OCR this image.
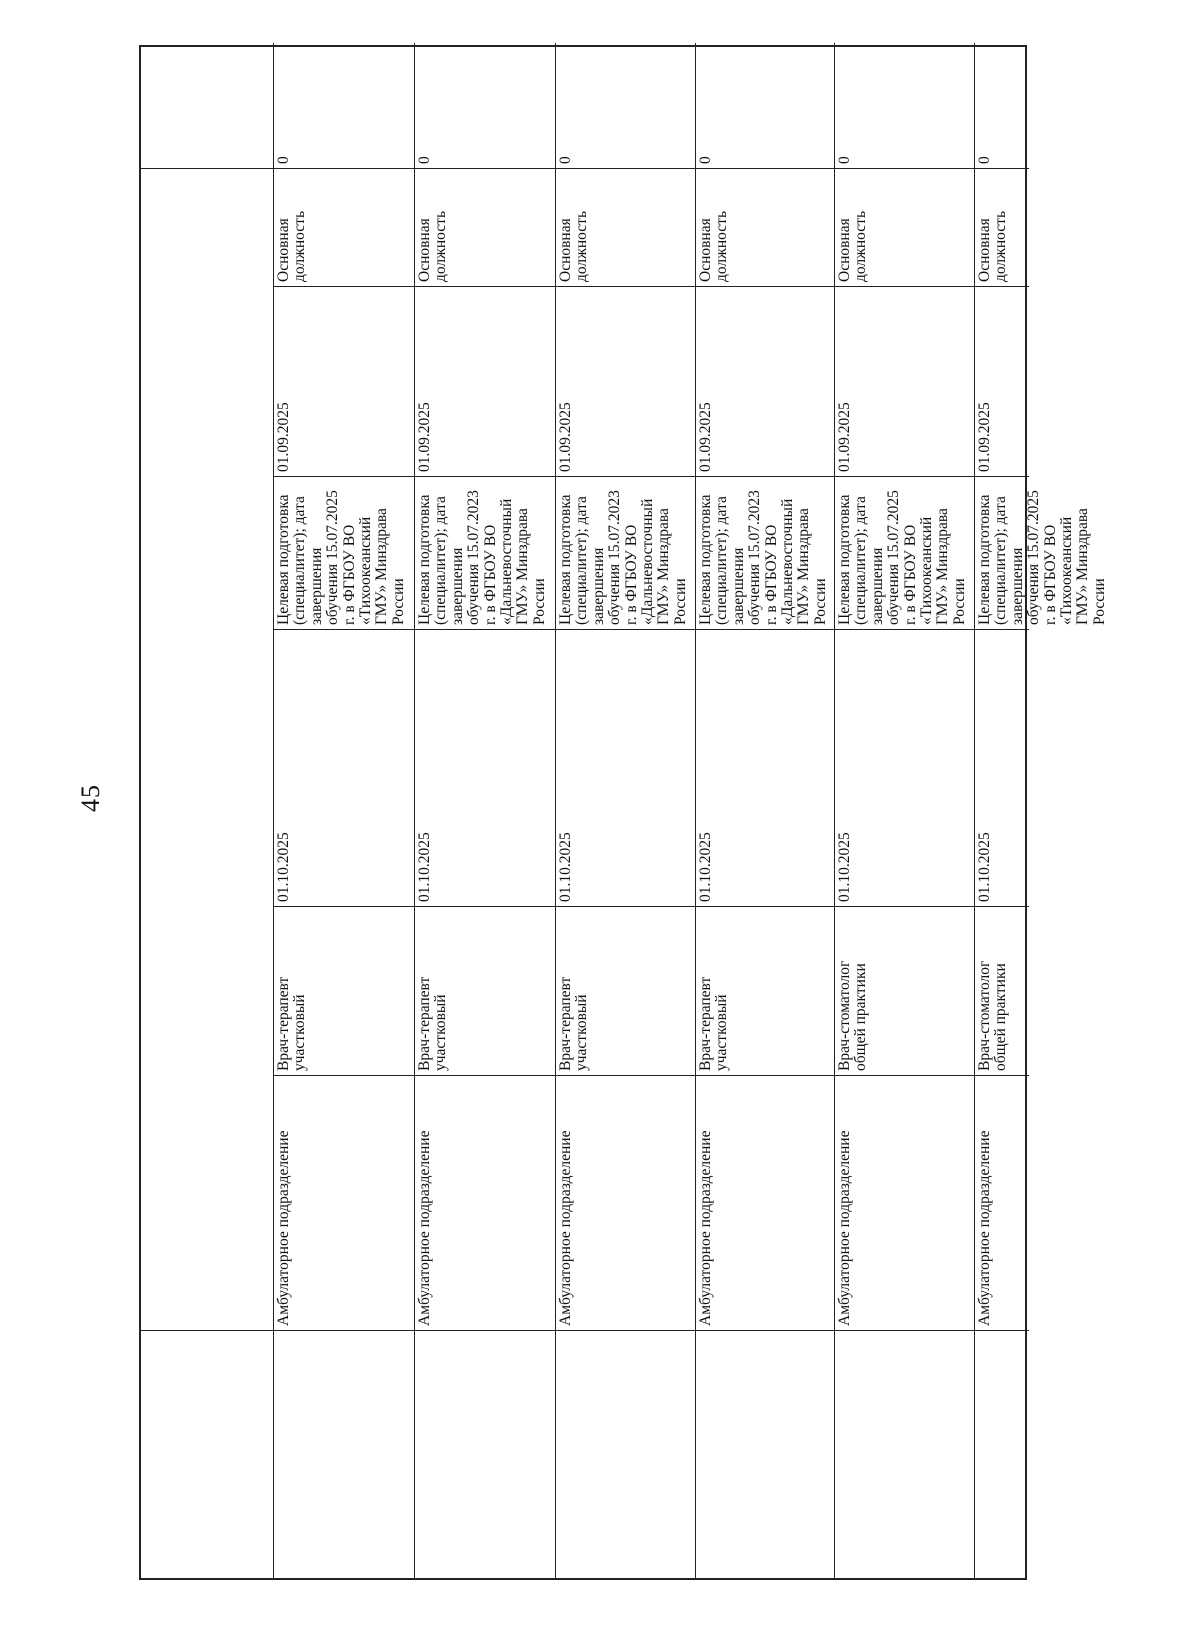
45
Амбулаторное подразделение
Врач-терапевт
участковый
01.10.2025
Целевая подготовка
(специалитет); дата
завершения
обучения 15.07.2025
г. в ФГБОУ ВО
«Тихоокеанский
ГМУ» Минздрава
России
01.09.2025
Основная должность
0
Амбулаторное подразделение
Врач-терапевт
участковый
01.10.2025
Целевая подготовка
(специалитет); дата
завершения
обучения 15.07.2023
г. в ФГБОУ ВО
«Дальневосточный
ГМУ» Минздрава
России
01.09.2025
Основная должность
0
Амбулаторное подразделение
Врач-терапевт
участковый
01.10.2025
Целевая подготовка
(специалитет); дата
завершения
обучения 15.07.2023
г. в ФГБОУ ВО
«Дальневосточный
ГМУ» Минздрава
России
01.09.2025
Основная должность
0
Амбулаторное подразделение
Врач-терапевт
участковый
01.10.2025
Целевая подготовка
(специалитет); дата
завершения
обучения 15.07.2023
г. в ФГБОУ ВО
«Дальневосточный
ГМУ» Минздрава
России
01.09.2025
Основная должность
0
Амбулаторное подразделение
Врач-стоматолог
общей практики
01.10.2025
Целевая подготовка
(специалитет); дата
завершения
обучения 15.07.2025
г. в ФГБОУ ВО
«Тихоокеанский
ГМУ» Минздрава
России
01.09.2025
Основная должность
0
Амбулаторное подразделение
Врач-стоматолог
общей практики
01.10.2025
Целевая подготовка
(специалитет); дата
завершения
обучения 15.07.2025
г. в ФГБОУ ВО
«Тихоокеанский
ГМУ» Минздрава
России
01.09.2025
Основная должность
0
